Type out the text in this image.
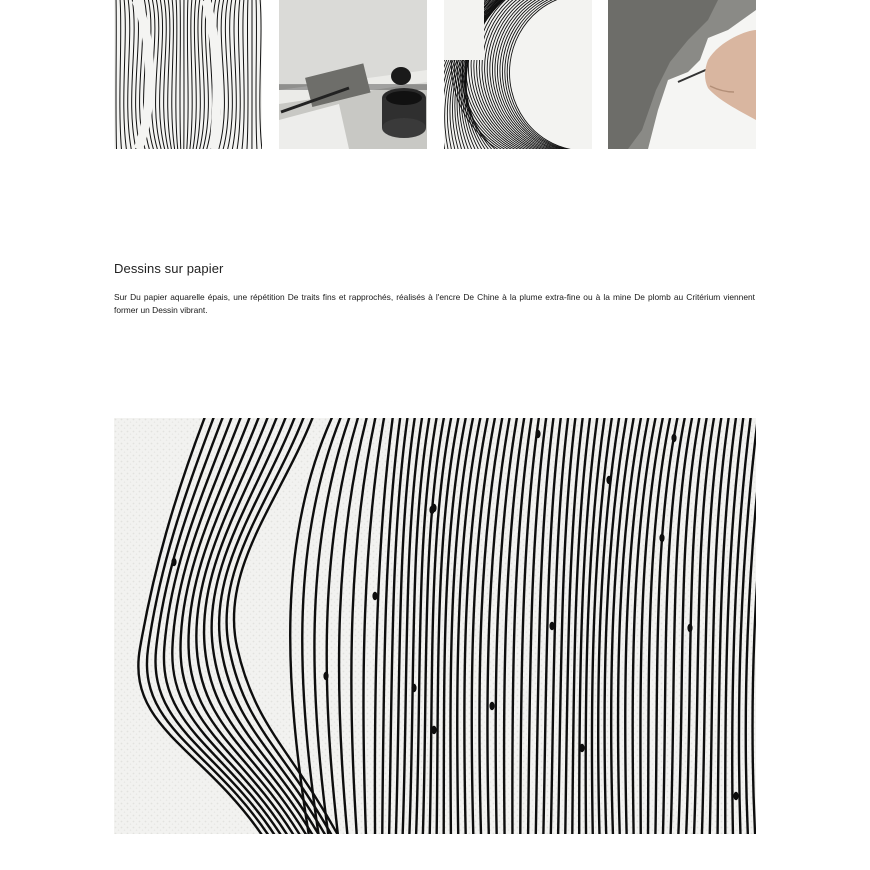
Dessins sur papier
Sur Du papier aquarelle épais, une répétition De traits fins et rapprochés, réalisés à l'encre De Chine à la plume extra-fine ou à la mine De plomb au Critérium viennent former un Dessin vibrant.
